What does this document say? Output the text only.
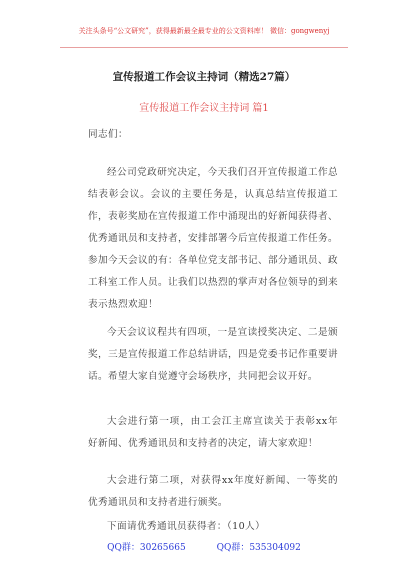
关注头条号“公文研究”，获得最新最全最专业的公文资料库！ 微信：gongwenyj
宣传报道工作会议主持词（精选27篇）
宣传报道工作会议主持词 篇1
同志们：
经公司党政研究决定，今天我们召开宣传报道工作总结表彰会议。会议的主要任务是，认真总结宣传报道工作，表彰奖励在宣传报道工作中涌现出的好新闻获得者、优秀通讯员和支持者，安排部署今后宣传报道工作任务。参加今天会议的有：各单位党支部书记、部分通讯员、政工科室工作人员。让我们以热烈的掌声对各位领导的到来表示热烈欢迎！
今天会议议程共有四项，一是宣读授奖决定、二是颁奖，三是宣传报道工作总结讲话，四是党委书记作重要讲话。希望大家自觉遵守会场秩序，共同把会议开好。
大会进行第一项，由工会江主席宣读关于表彰xx年好新闻、优秀通讯员和支持者的决定，请大家欢迎！
大会进行第二项，对获得xx年度好新闻、一等奖的优秀通讯员和支持者进行颁奖。
下面请优秀通讯员获得者：（10人）
QQ群：30265665	QQ群：535304092
